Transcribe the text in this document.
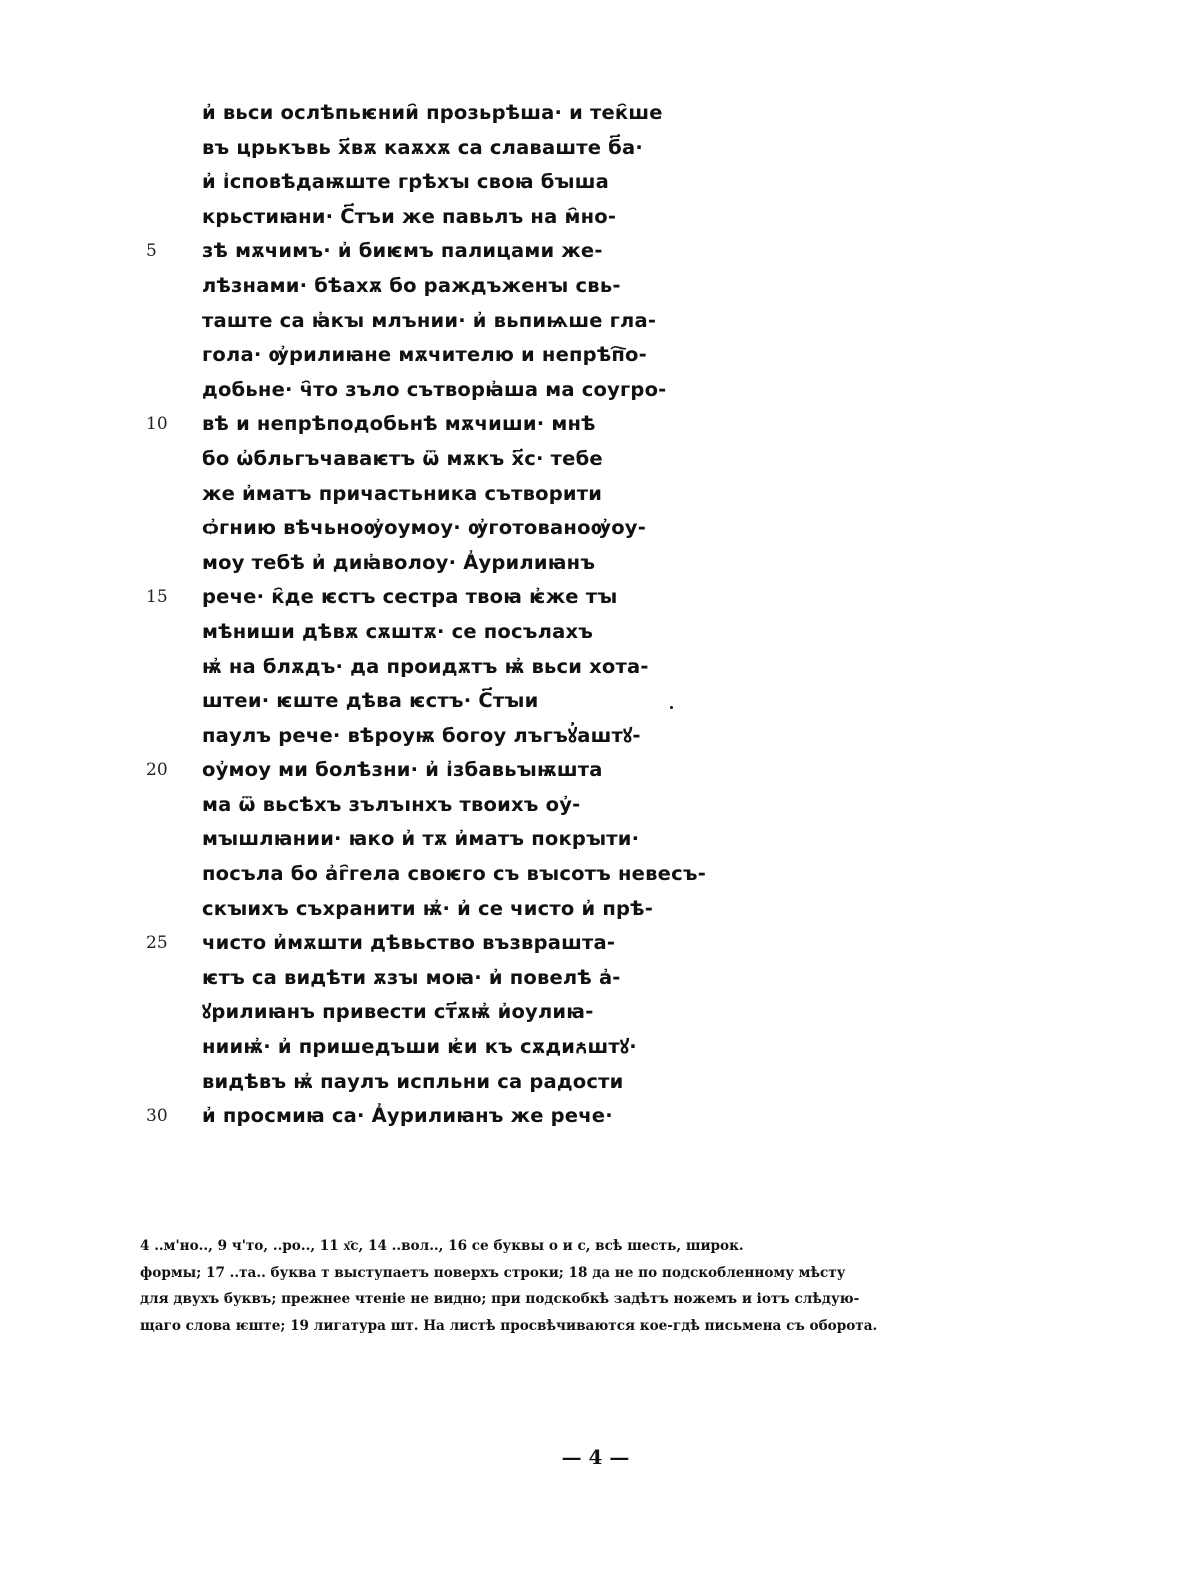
и҆ вьси ослѣпьѥнии҄ прозьрѣша· и тек҄ше
въ црькъвь х҃вѫ каѫхѫ са славаште б҃а·
и҆ і҆сповѣдаѭште грѣхꙑ своꙗ бꙑша
крьстиꙗни· С҃тъи же павьлъ на м҄но-
5	зѣ мѫчимъ· и҆ биѥмъ палицами же-
лѣзнами· бѣахѫ бо раждъженꙑ свь-
таште са ꙗ҆кꙑ млънии· и҆ вьпиѩше гла-
гола· ѹ҆рилиꙗне мѫчителю и непрѣп҇о-
добьне· ч҄то зъло сътворꙗ҆ша ма соугро-
10	вѣ и непрѣподобьнѣ мѫчиши· мнѣ
бо ѡ҆бльгъчаваѥтъ ѿ мѫкъ х҃с· тебе
же и҆матъ причастьника сътворити
ѻ҆гнию вѣчьноѹ҆оумоу· ѹ҆готованоѹ҆оу-
моу тебѣ и҆ диꙗ҆волоу· А҆урилиꙗнъ
15	рече· к҄де ѥстъ сестра твоꙗ ѥ҆же тꙑ
мѣниши дѣвѫ сѫштѫ· се посълахъ
ѭ҆ на блѫдъ· да проидѫтъ ѭ҆ вьси хота-
штеи· ѥште дѣва ѥстъ· С҃тꙑи
паулъ рече· вѣроуѭ богоу лъгъꙋ҆аштꙋ-
20	оу҆моу ми болѣзни· и҆ і҆збавьꙑѭшта
ма ѿ вьсѣхъ зълъıнхъ твоихъ оу҆-
мꙑшлꙗнии· ꙗко и҆ тѫ и҆матъ покрꙑти·
посъла бо а҆г҄гела своѥго съ вꙑсотъ невесъ-
скꙑихъ съхранити ѭ҆· и҆ се чисто и҆ прѣ-
25	чисто и҆мѫшти дѣвьство възврашта-
ѥтъ са видѣти ѫзꙑ моꙗ· и҆ повелѣ а҆-
ꙋрилиꙗнъ привести ст҃ѫѭ҆ и҆оулиꙗ-
нииѭ҆· и҆ пришедъши ѥ҆и къ сѫдиꙉштꙋ·
видѣвъ ѭ҆ паулъ испльни са радости
30	и҆ просмиꙗ са· А҆урилиꙗнъ же рече·
4 ..м'но.., 9 ч'то, ..ро.., 11 х҃с, 14 ..вол.., 16 се буквы о и с, всѣ шесть, широк.
формы; 17 ..та.. буква т выступаетъ поверхъ строки; 18 да не по подскобленному мѣсту
для двухъ буквъ; прежнее чтеніе не видно; при подскобкѣ задѣтъ ножемъ и іотъ слѣдую-
щаго слова ѥште; 19 лигатура шт. На листѣ просвѣчиваются кое-гдѣ письмена съ оборота.
— 4 —
